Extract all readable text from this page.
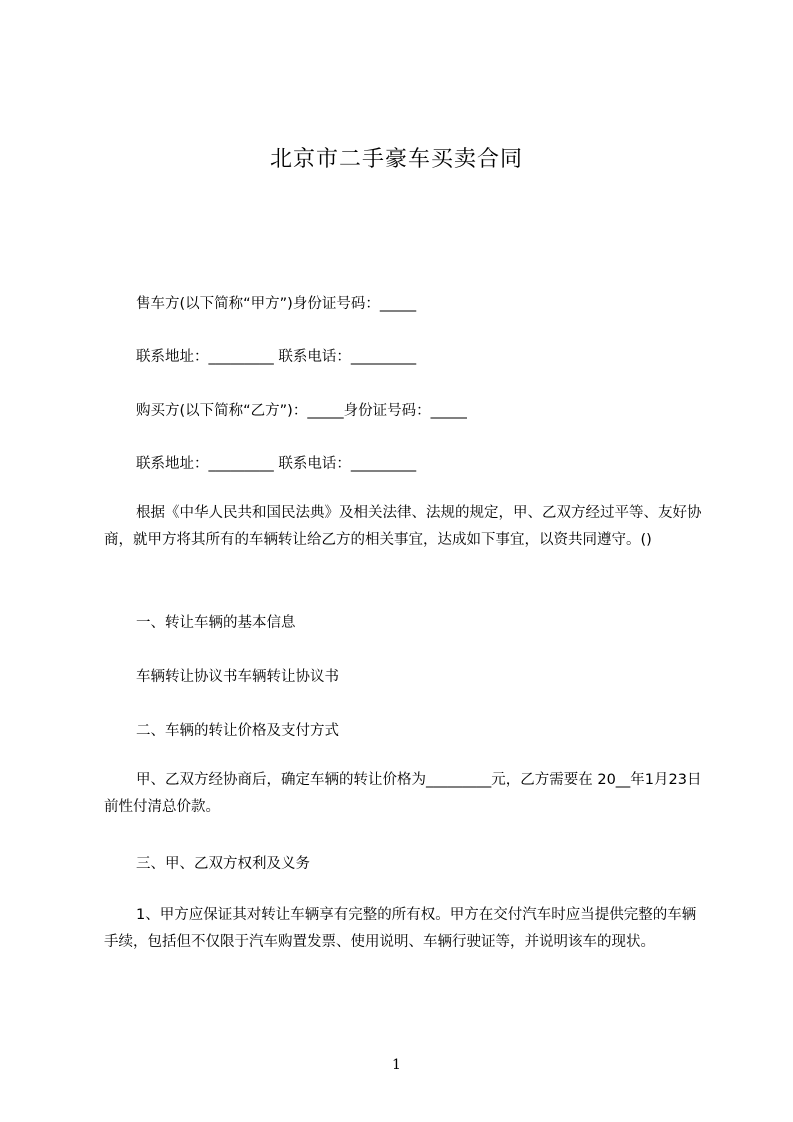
北京市二手豪车买卖合同
售车方(以下简称“甲方”)身份证号码：_____
联系地址：_________ 联系电话：_________
购买方(以下简称“乙方”)：_____身份证号码：_____
联系地址：_________ 联系电话：_________
根据《中华人民共和国民法典》及相关法律、法规的规定，甲、乙双方经过平等、友好协商，就甲方将其所有的车辆转让给乙方的相关事宜，达成如下事宜，以资共同遵守。()
一、转让车辆的基本信息
车辆转让协议书车辆转让协议书
二、车辆的转让价格及支付方式
甲、乙双方经协商后，确定车辆的转让价格为_________元，乙方需要在 20__年1月23日前性付清总价款。
三、甲、乙双方权利及义务
1、甲方应保证其对转让车辆享有完整的所有权。甲方在交付汽车时应当提供完整的车辆手续，包括但不仅限于汽车购置发票、使用说明、车辆行驶证等，并说明该车的现状。
1
